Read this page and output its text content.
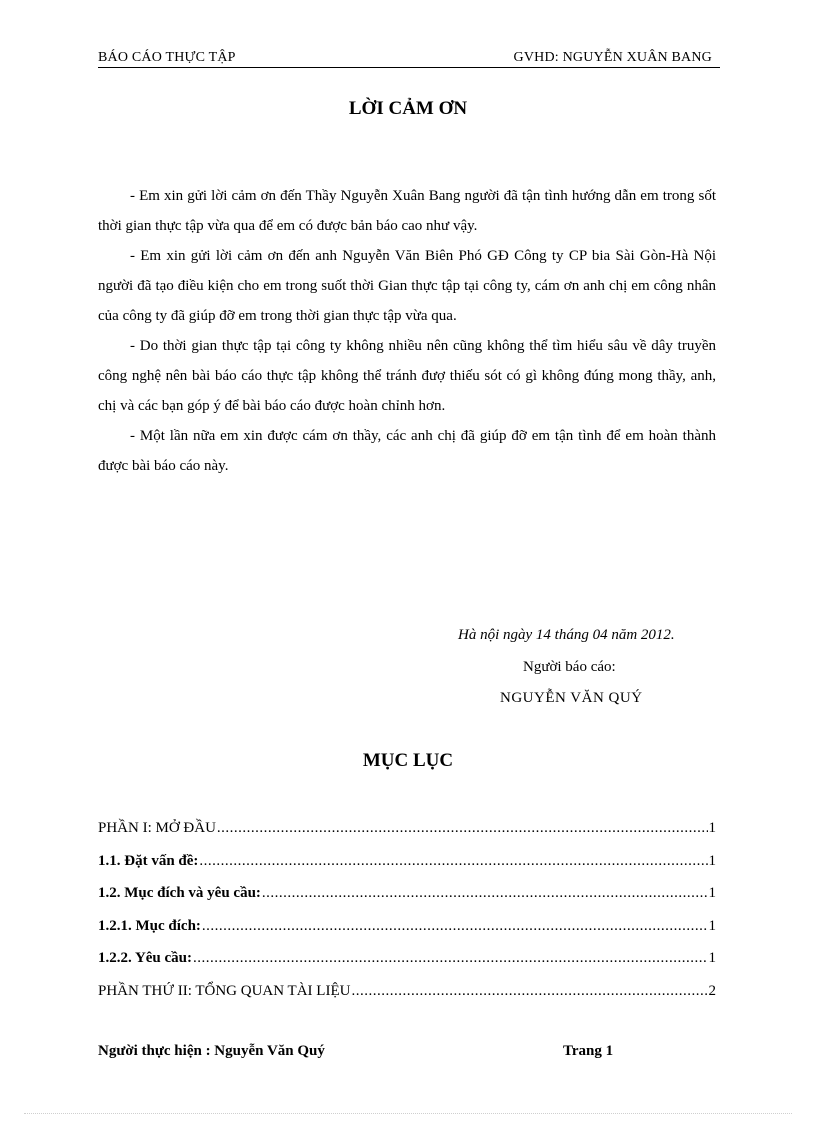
BÁO CÁO THỰC TẬP	GVHD: NGUYỄN XUÂN BANG
LỜI CẢM ƠN

- Em xin gửi lời cảm ơn đến Thầy Nguyễn Xuân Bang người đã tận tình hướng dẫn em trong sốt thời gian thực tập vừa qua để em có được bản báo cao như vậy.

- Em xin gửi lời cảm ơn đến anh Nguyễn Văn Biên Phó GĐ Công ty CP bia Sài Gòn-Hà Nội người đã tạo điều kiện cho em trong suốt thời Gian thực tập tại công ty, cám ơn anh chị em công nhân của công ty đã giúp đỡ em trong thời gian thực tập vừa qua.

- Do thời gian thực tập tại công ty không nhiều nên cũng không thể tìm hiểu sâu về dây truyền công nghệ nên bài báo cáo thực tập không thể tránh đượ thiếu sót có gì không đúng mong thầy, anh, chị và các bạn góp ý để bài báo cáo được hoàn chỉnh hơn.

- Một lần nữa em xin được cám ơn thầy, các anh chị đã giúp đỡ em tận tình để em hoàn thành được bài báo cáo này.

Hà nội ngày 14 tháng 04 năm 2012.
Người báo cáo:
NGUYỄN VĂN QUÝ
MỤC LỤC
PHẦN I: MỞ ĐẦU .....	1
1.1. Đặt vấn đề: .....	1
1.2. Mục đích và yêu cầu: .....	1
1.2.1. Mục đích: .....	1
1.2.2. Yêu cầu: .....	1
PHẦN THỨ II: TỔNG QUAN TÀI LIỆU .....	2
Người thực hiện : Nguyễn Văn Quý	Trang 1
